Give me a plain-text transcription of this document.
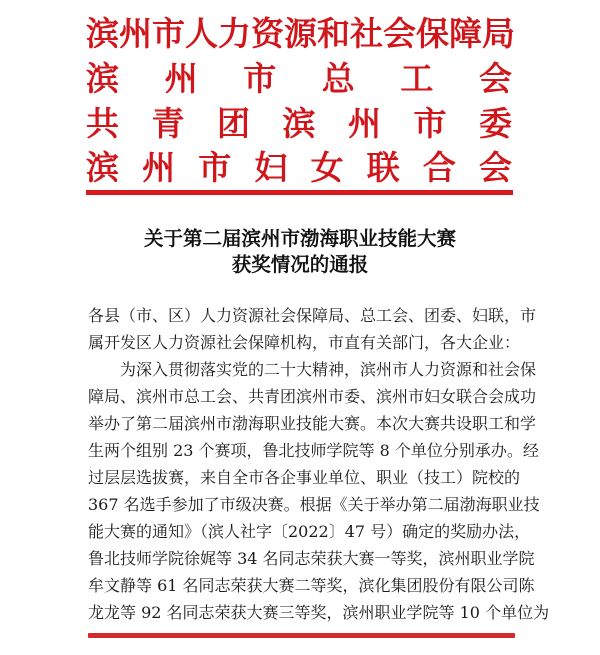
滨 州 市 人 力 资 源 和 社 会 保 障 局
滨 州 市 总 工 会
共 青 团 滨 州 市 委
滨 州 市 妇 女 联 合 会
关于第二届滨州市渤海职业技能大赛
获奖情况的通报
各县（市、区）人力资源社会保障局、总工会、团委、妇联，市
属开发区人力资源社会保障机构，市直有关部门，各大企业：
　　为深入贯彻落实党的二十大精神，滨州市人力资源和社会保
障局、滨州市总工会、共青团滨州市委、滨州市妇女联合会成功
举办了第二届滨州市渤海职业技能大赛。本次大赛共设职工和学
生两个组别 23 个赛项，鲁北技师学院等 8 个单位分别承办。经
过层层选拔赛，来自全市各企事业单位、职业（技工）院校的
367 名选手参加了市级决赛。根据《关于举办第二届渤海职业技
能大赛的通知》（滨人社字〔2022〕47 号）确定的奖励办法，
鲁北技师学院徐娓等 34 名同志荣获大赛一等奖，滨州职业学院
牟文静等 61 名同志荣获大赛二等奖，滨化集团股份有限公司陈
龙龙等 92 名同志荣获大赛三等奖，滨州职业学院等 10 个单位为
